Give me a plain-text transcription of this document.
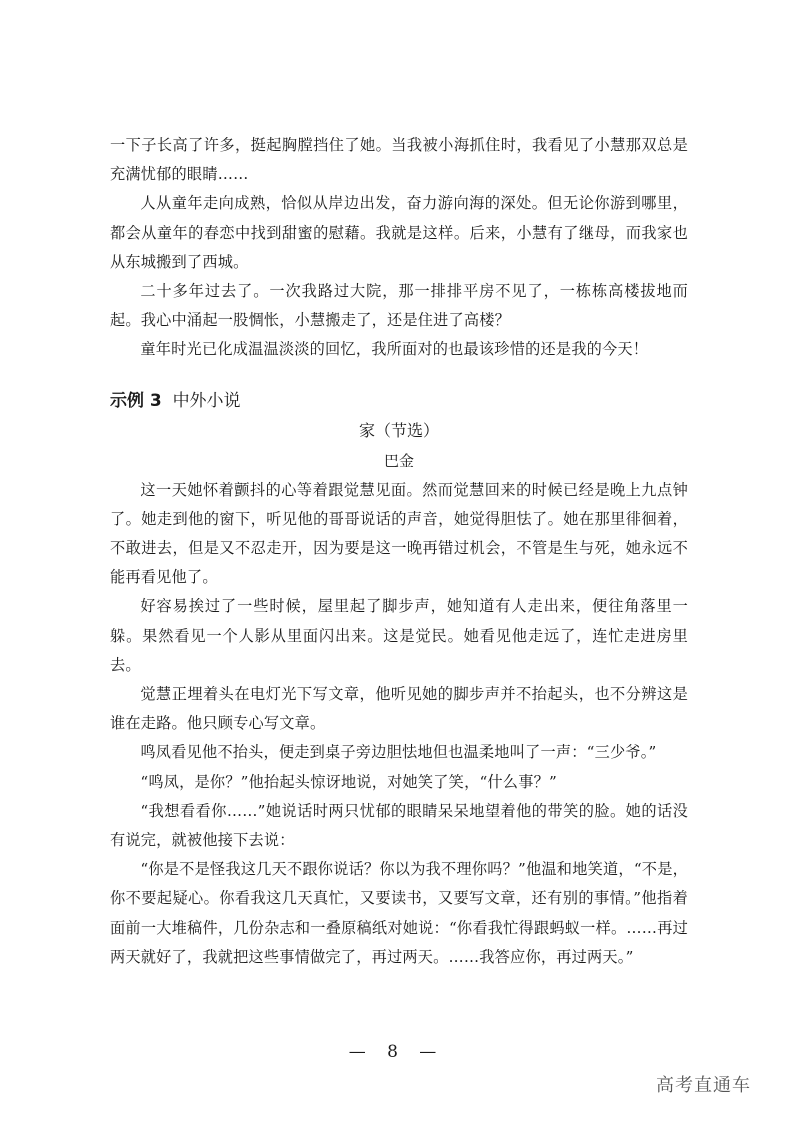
一下子长高了许多，挺起胸膛挡住了她。当我被小海抓住时，我看见了小慧那双总是充满忧郁的眼睛……

人从童年走向成熟，恰似从岸边出发，奋力游向海的深处。但无论你游到哪里，都会从童年的春恋中找到甜蜜的慰藉。我就是这样。后来，小慧有了继母，而我家也从东城搬到了西城。

二十多年过去了。一次我路过大院，那一排排平房不见了，一栋栋高楼拔地而起。我心中涌起一股惆怅，小慧搬走了，还是住进了高楼？

童年时光已化成温温淡淡的回忆，我所面对的也最该珍惜的还是我的今天！

示例 3 中外小说

家（节选）

巴金

这一天她怀着颤抖的心等着跟觉慧见面。然而觉慧回来的时候已经是晚上九点钟了。她走到他的窗下，听见他的哥哥说话的声音，她觉得胆怯了。她在那里徘徊着，不敢进去，但是又不忍走开，因为要是这一晚再错过机会，不管是生与死，她永远不能再看见他了。

好容易挨过了一些时候，屋里起了脚步声，她知道有人走出来，便往角落里一躲。果然看见一个人影从里面闪出来。这是觉民。她看见他走远了，连忙走进房里去。

觉慧正埋着头在电灯光下写文章，他听见她的脚步声并不抬起头，也不分辨这是谁在走路。他只顾专心写文章。

鸣凤看见他不抬头，便走到桌子旁边胆怯地但也温柔地叫了一声：“三少爷。”

“鸣凤，是你？”他抬起头惊讶地说，对她笑了笑，“什么事？”

“我想看看你……”她说话时两只忧郁的眼睛呆呆地望着他的带笑的脸。她的话没有说完，就被他接下去说：

“你是不是怪我这几天不跟你说话？你以为我不理你吗？”他温和地笑道，“不是，你不要起疑心。你看我这几天真忙，又要读书，又要写文章，还有别的事情。”他指着面前一大堆稿件，几份杂志和一叠原稿纸对她说：“你看我忙得跟蚂蚁一样。……再过两天就好了，我就把这些事情做完了，再过两天。……我答应你，再过两天。”

— 8 —
高考直通车
